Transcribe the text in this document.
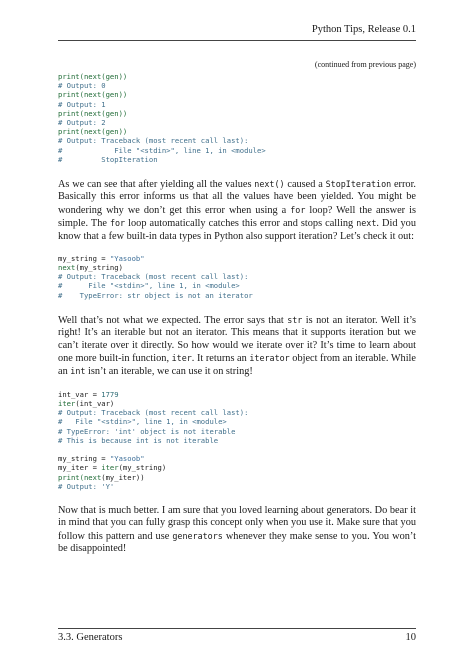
Python Tips, Release 0.1
(continued from previous page)
print(next(gen))
# Output: 0
print(next(gen))
# Output: 1
print(next(gen))
# Output: 2
print(next(gen))
# Output: Traceback (most recent call last):
#            File "<stdin>", line 1, in <module>
#         StopIteration

As we can see that after yielding all the values next() caused a StopIteration error. Basically this error informs us that all the values have been yielded. You might be wondering why we don’t get this error when using a for loop? Well the answer is simple. The for loop automatically catches this error and stops calling next. Did you know that a few built-in data types in Python also support iteration? Let’s check it out:

my_string = "Yasoob"
next(my_string)
# Output: Traceback (most recent call last):
#      File "<stdin>", line 1, in <module>
#    TypeError: str object is not an iterator

Well that’s not what we expected. The error says that str is not an iterator. Well it’s right! It’s an iterable but not an iterator. This means that it supports iteration but we can’t iterate over it directly. So how would we iterate over it? It’s time to learn about one more built-in function, iter. It returns an iterator object from an iterable. While an int isn’t an iterable, we can use it on string!

int_var = 1779
iter(int_var)
# Output: Traceback (most recent call last):
#   File "<stdin>", line 1, in <module>
# TypeError: 'int' object is not iterable
# This is because int is not iterable
my_string = "Yasoob"
my_iter = iter(my_string)
print(next(my_iter))
# Output: 'Y'

Now that is much better. I am sure that you loved learning about generators. Do bear it in mind that you can fully grasp this concept only when you use it. Make sure that you follow this pattern and use generators whenever they make sense to you. You won’t be disappointed!

3.3. Generators	10
